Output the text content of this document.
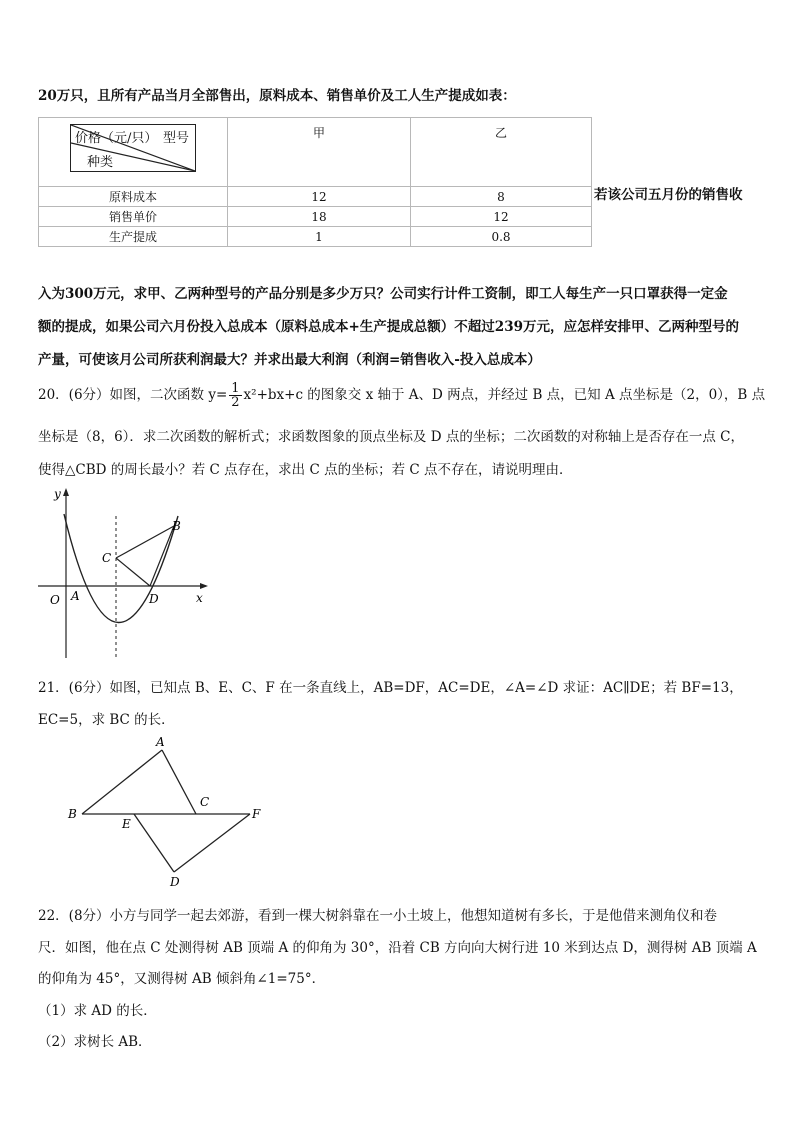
20万只，且所有产品当月全部售出，原料成本、销售单价及工人生产提成如表：
价格（元/只） 型号
种类	甲	乙
原料成本	12	8
销售单价	18	12
生产提成	1	0.8
若该公司五月份的销售收
入为300万元，求甲、乙两种型号的产品分别是多少万只？公司实行计件工资制，即工人每生产一只口罩获得一定金
额的提成，如果公司六月份投入总成本（原料总成本+生产提成总额）不超过239万元，应怎样安排甲、乙两种型号的
产量，可使该月公司所获利润最大？并求出最大利润（利润=销售收入-投入总成本）
20．(6分）如图，二次函数 $y= \frac{1}{2} x^2+bx+c$ 的图象交 x 轴于 A、D 两点，并经过 B 点，已知 A 点坐标是（2，0），B 点
坐标是（8，6）．求二次函数的解析式；求函数图象的顶点坐标及 D 点的坐标；二次函数的对称轴上是否存在一点 C，
使得△CBD 的周长最小？若 C 点存在，求出 C 点的坐标；若 C 点不存在，请说明理由．
y
x
O A
B
C
D
21．(6分）如图，已知点 B、E、C、F 在一条直线上，AB=DF，AC=DE，∠A=∠D 求证：AC∥DE；若 BF=13，
EC=5，求 BC 的长．
A
B
C
D
E
F
22．(8分）小方与同学一起去郊游，看到一棵大树斜靠在一小土坡上，他想知道树有多长，于是他借来测角仪和卷
尺．如图，他在点 C 处测得树 AB 顶端 A 的仰角为 30°，沿着 CB 方向向大树行进 10 米到达点 D，测得树 AB 顶端 A
的仰角为 45°，又测得树 AB 倾斜角∠1=75°．
（1）求 AD 的长．
（2）求树长 AB．
